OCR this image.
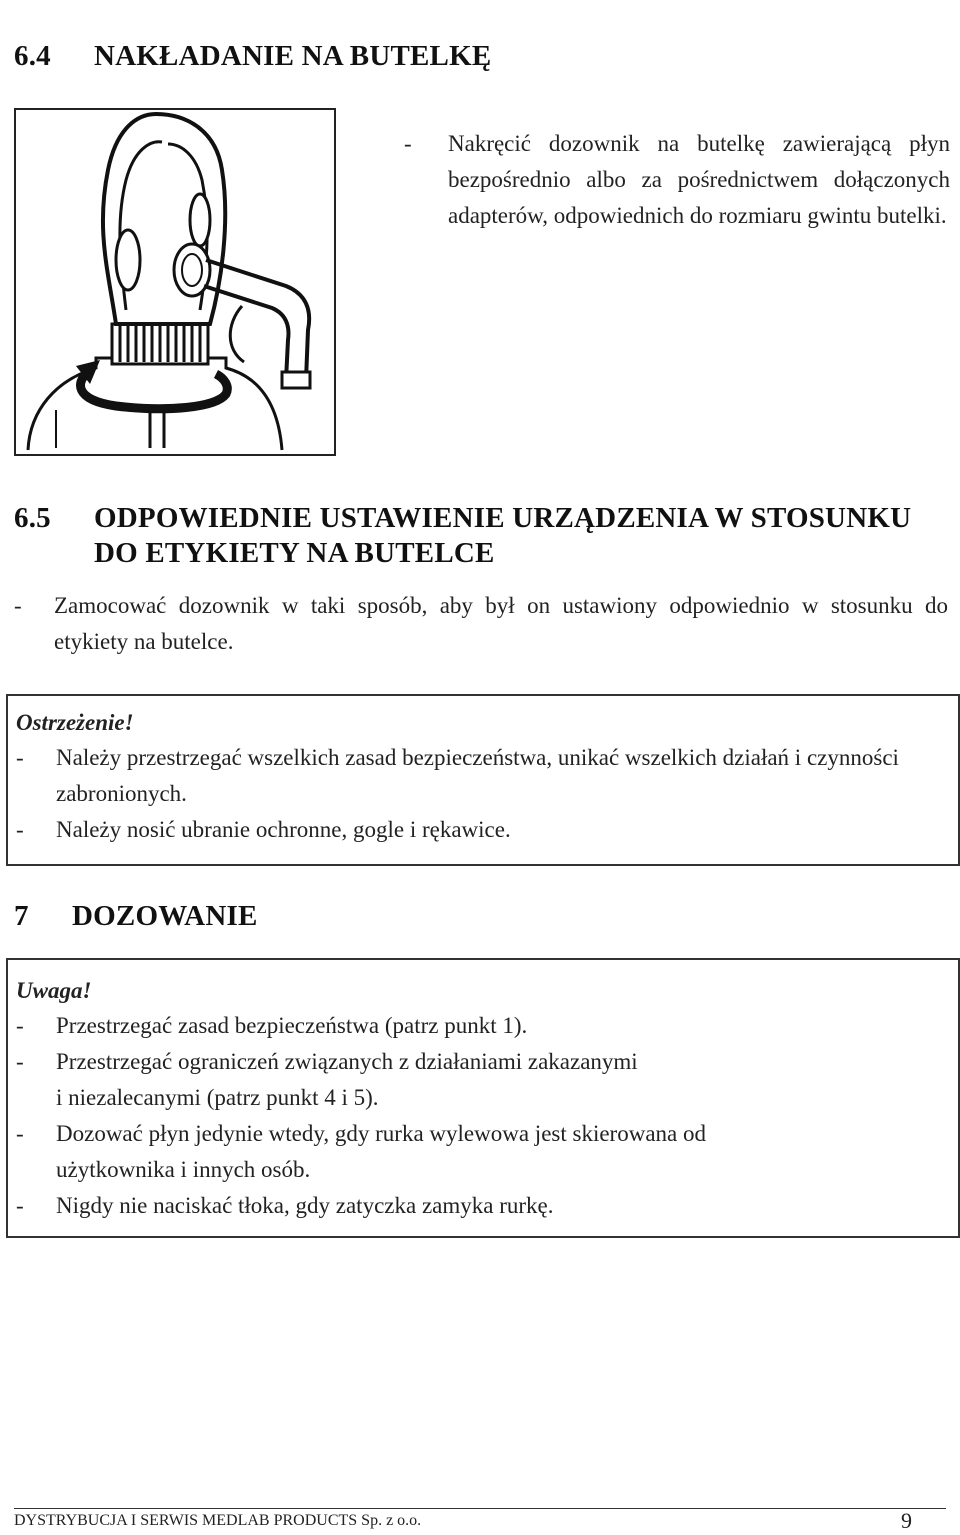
6.4 NAKŁADANIE NA BUTELKĘ
- Nakręcić dozownik na butelkę zawierającą płyn bezpośrednio albo za pośrednictwem dołączonych adapterów, odpowiednich do rozmiaru gwintu butelki.
6.5 ODPOWIEDNIE USTAWIENIE URZĄDZENIA W STOSUNKU
DO ETYKIETY NA BUTELCE
- Zamocować dozownik w taki sposób, aby był on ustawiony odpowiednio w stosunku do etykiety na butelce.
Ostrzeżenie!
- Należy przestrzegać wszelkich zasad bezpieczeństwa, unikać wszelkich działań i czynności zabronionych.
- Należy nosić ubranie ochronne, gogle i rękawice.
7 DOZOWANIE
Uwaga!
- Przestrzegać zasad bezpieczeństwa (patrz punkt 1).
- Przestrzegać ograniczeń związanych z działaniami zakazanymi
i niezalecanymi (patrz punkt 4 i 5).
- Dozować płyn jedynie wtedy, gdy rurka wylewowa jest skierowana od
użytkownika i innych osób.
- Nigdy nie naciskać tłoka, gdy zatyczka zamyka rurkę.
DYSTRYBUCJA I SERWIS MEDLAB PRODUCTS Sp. z o.o.	9
